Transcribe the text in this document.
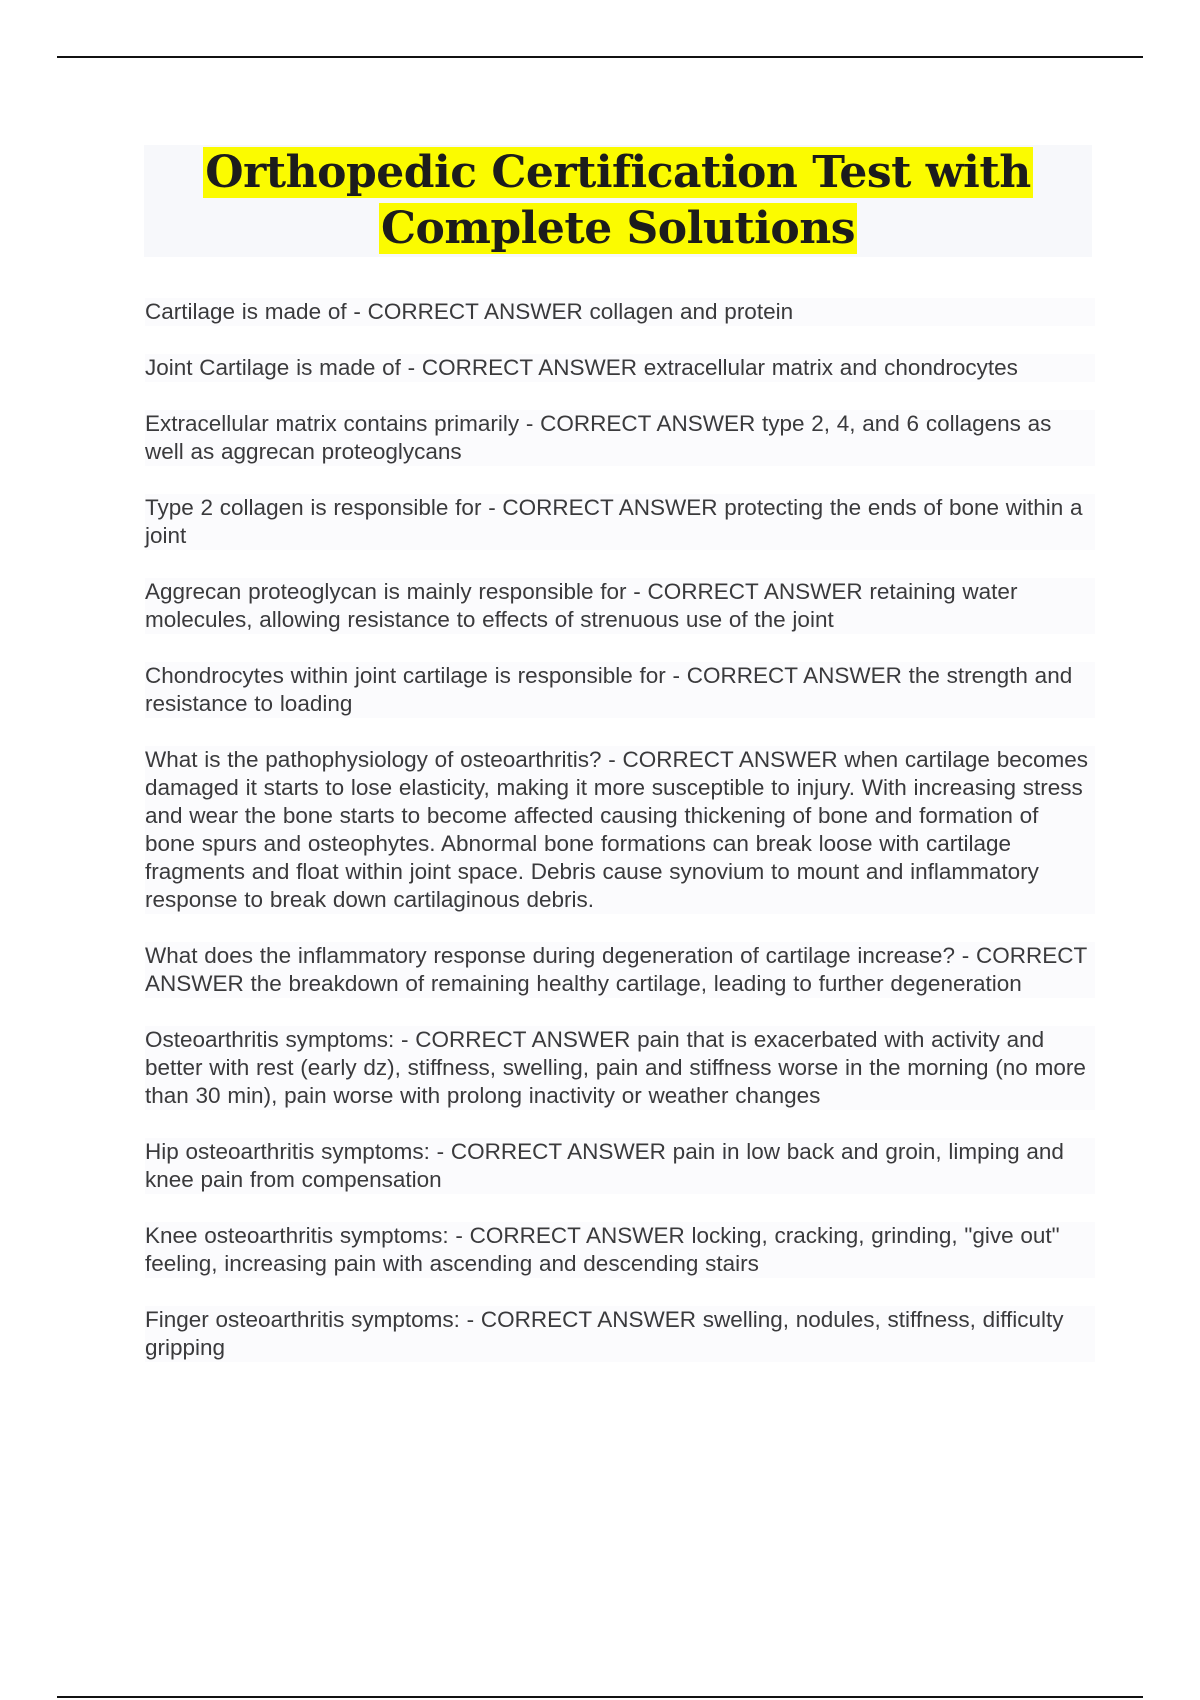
Orthopedic Certification Test with Complete Solutions

Cartilage is made of - CORRECT ANSWER collagen and protein

Joint Cartilage is made of - CORRECT ANSWER extracellular matrix and chondrocytes

Extracellular matrix contains primarily - CORRECT ANSWER type 2, 4, and 6 collagens as well as aggrecan proteoglycans

Type 2 collagen is responsible for - CORRECT ANSWER protecting the ends of bone within a joint

Aggrecan proteoglycan is mainly responsible for - CORRECT ANSWER retaining water molecules, allowing resistance to effects of strenuous use of the joint

Chondrocytes within joint cartilage is responsible for - CORRECT ANSWER the strength and resistance to loading

What is the pathophysiology of osteoarthritis? - CORRECT ANSWER when cartilage becomes damaged it starts to lose elasticity, making it more susceptible to injury. With increasing stress and wear the bone starts to become affected causing thickening of bone and formation of bone spurs and osteophytes. Abnormal bone formations can break loose with cartilage fragments and float within joint space. Debris cause synovium to mount and inflammatory response to break down cartilaginous debris.

What does the inflammatory response during degeneration of cartilage increase? - CORRECT ANSWER the breakdown of remaining healthy cartilage, leading to further degeneration

Osteoarthritis symptoms: - CORRECT ANSWER pain that is exacerbated with activity and better with rest (early dz), stiffness, swelling, pain and stiffness worse in the morning (no more than 30 min), pain worse with prolong inactivity or weather changes

Hip osteoarthritis symptoms: - CORRECT ANSWER pain in low back and groin, limping and knee pain from compensation

Knee osteoarthritis symptoms: - CORRECT ANSWER locking, cracking, grinding, "give out" feeling, increasing pain with ascending and descending stairs

Finger osteoarthritis symptoms: - CORRECT ANSWER swelling, nodules, stiffness, difficulty gripping
